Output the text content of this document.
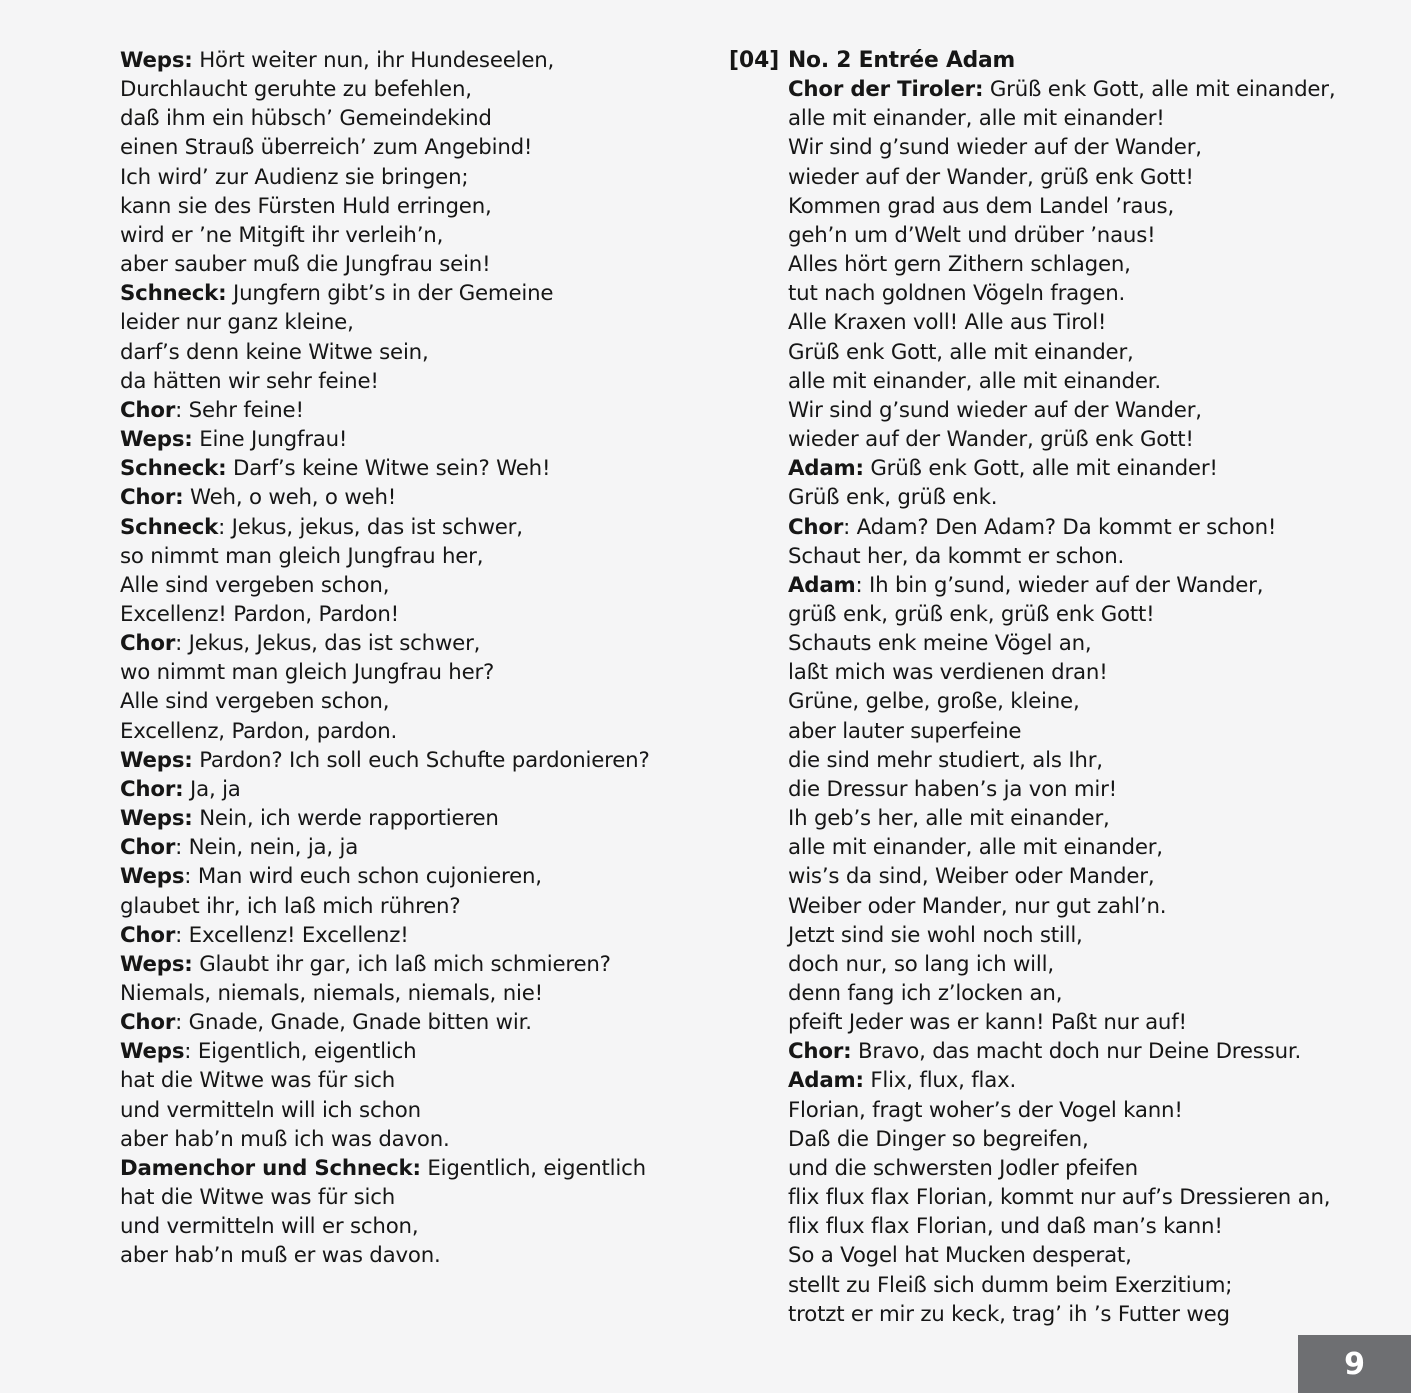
Weps: Hört weiter nun, ihr Hundeseelen,
Durchlaucht geruhte zu befehlen,
daß ihm ein hübsch’ Gemeindekind
einen Strauß überreich’ zum Angebind!
Ich wird’ zur Audienz sie bringen;
kann sie des Fürsten Huld erringen,
wird er ’ne Mitgift ihr verleih’n,
aber sauber muß die Jungfrau sein!
Schneck: Jungfern gibt’s in der Gemeine
leider nur ganz kleine,
darf’s denn keine Witwe sein,
da hätten wir sehr feine!
Chor: Sehr feine!
Weps: Eine Jungfrau!
Schneck: Darf’s keine Witwe sein? Weh!
Chor: Weh, o weh, o weh!
Schneck: Jekus, jekus, das ist schwer,
so nimmt man gleich Jungfrau her,
Alle sind vergeben schon,
Excellenz! Pardon, Pardon!
Chor: Jekus, Jekus, das ist schwer,
wo nimmt man gleich Jungfrau her?
Alle sind vergeben schon,
Excellenz, Pardon, pardon.
Weps: Pardon? Ich soll euch Schufte pardonieren?
Chor: Ja, ja
Weps: Nein, ich werde rapportieren
Chor: Nein, nein, ja, ja
Weps: Man wird euch schon cujonieren,
glaubet ihr, ich laß mich rühren?
Chor: Excellenz! Excellenz!
Weps: Glaubt ihr gar, ich laß mich schmieren?
Niemals, niemals, niemals, niemals, nie!
Chor: Gnade, Gnade, Gnade bitten wir.
Weps: Eigentlich, eigentlich
hat die Witwe was für sich
und vermitteln will ich schon
aber hab’n muß ich was davon.
Damenchor und Schneck: Eigentlich, eigentlich
hat die Witwe was für sich
und vermitteln will er schon,
aber hab’n muß er was davon.
[04] No. 2 Entrée Adam
Chor der Tiroler: Grüß enk Gott, alle mit einander,
alle mit einander, alle mit einander!
Wir sind g’sund wieder auf der Wander,
wieder auf der Wander, grüß enk Gott!
Kommen grad aus dem Landel ’raus,
geh’n um d’Welt und drüber ’naus!
Alles hört gern Zithern schlagen,
tut nach goldnen Vögeln fragen.
Alle Kraxen voll! Alle aus Tirol!
Grüß enk Gott, alle mit einander,
alle mit einander, alle mit einander.
Wir sind g’sund wieder auf der Wander,
wieder auf der Wander, grüß enk Gott!
Adam: Grüß enk Gott, alle mit einander!
Grüß enk, grüß enk.
Chor: Adam? Den Adam? Da kommt er schon!
Schaut her, da kommt er schon.
Adam: Ih bin g’sund, wieder auf der Wander,
grüß enk, grüß enk, grüß enk Gott!
Schauts enk meine Vögel an,
laßt mich was verdienen dran!
Grüne, gelbe, große, kleine,
aber lauter superfeine
die sind mehr studiert, als Ihr,
die Dressur haben’s ja von mir!
Ih geb’s her, alle mit einander,
alle mit einander, alle mit einander,
wis’s da sind, Weiber oder Mander,
Weiber oder Mander, nur gut zahl’n.
Jetzt sind sie wohl noch still,
doch nur, so lang ich will,
denn fang ich z’locken an,
pfeift Jeder was er kann! Paßt nur auf!
Chor: Bravo, das macht doch nur Deine Dressur.
Adam: Flix, flux, flax.
Florian, fragt woher’s der Vogel kann!
Daß die Dinger so begreifen,
und die schwersten Jodler pfeifen
flix flux flax Florian, kommt nur auf’s Dressieren an,
flix flux flax Florian, und daß man’s kann!
So a Vogel hat Mucken desperat,
stellt zu Fleiß sich dumm beim Exerzitium;
trotzt er mir zu keck, trag’ ih ’s Futter weg
9
